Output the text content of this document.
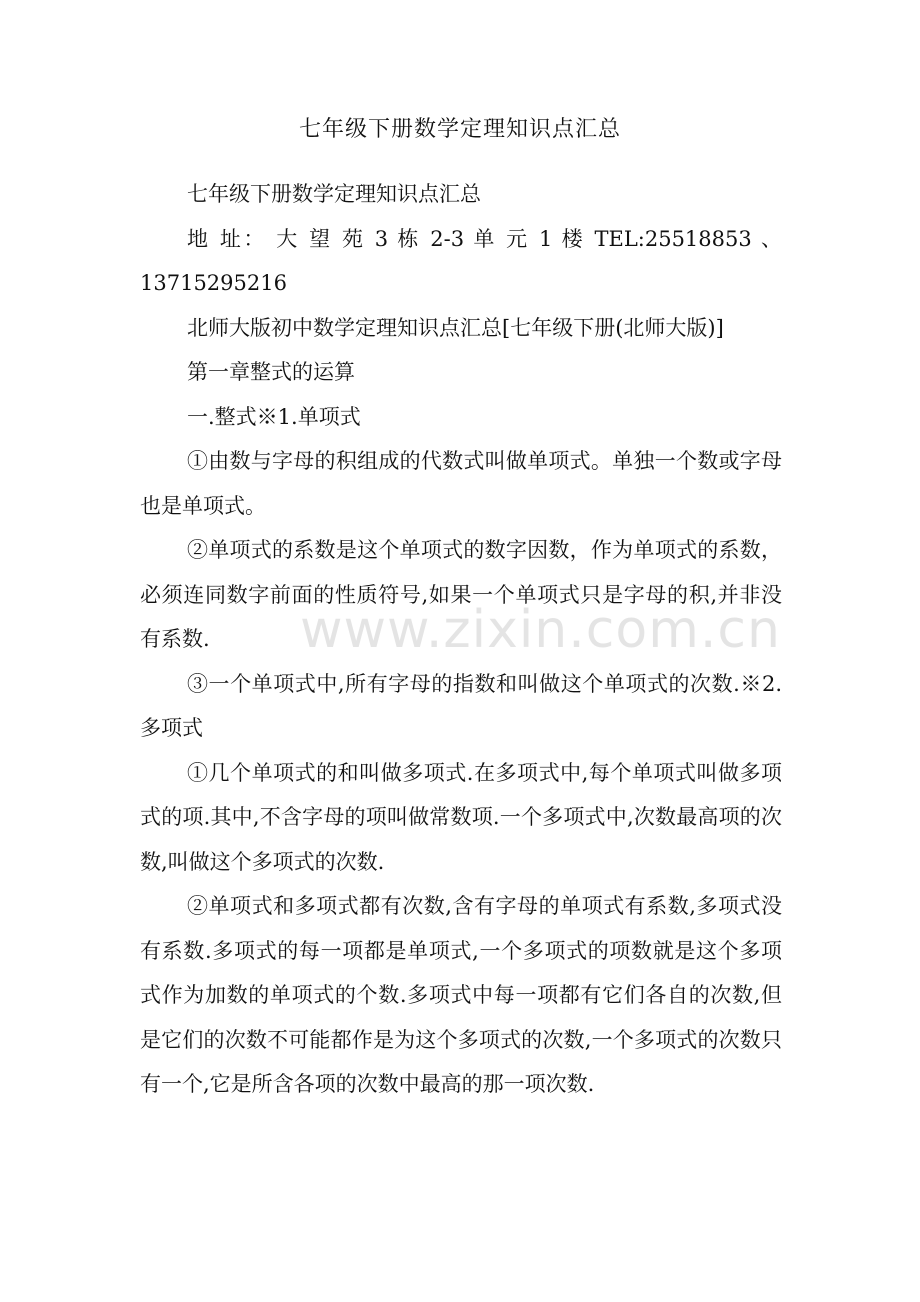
七年级下册数学定理知识点汇总

七年级下册数学定理知识点汇总

地 址： 大 望 苑 3 栋 2-3 单 元 1 楼 TEL:25518853 、13715295216

北师大版初中数学定理知识点汇总[七年级下册(北师大版)]

第一章整式的运算

一.整式※1.单项式

①由数与字母的积组成的代数式叫做单项式。单独一个数或字母也是单项式。

②单项式的系数是这个单项式的数字因数，作为单项式的系数，必须连同数字前面的性质符号,如果一个单项式只是字母的积,并非没有系数.

③一个单项式中,所有字母的指数和叫做这个单项式的次数.※2.多项式

①几个单项式的和叫做多项式.在多项式中,每个单项式叫做多项式的项.其中,不含字母的项叫做常数项.一个多项式中,次数最高项的次数,叫做这个多项式的次数.

②单项式和多项式都有次数,含有字母的单项式有系数,多项式没有系数.多项式的每一项都是单项式,一个多项式的项数就是这个多项式作为加数的单项式的个数.多项式中每一项都有它们各自的次数,但是它们的次数不可能都作是为这个多项式的次数,一个多项式的次数只有一个,它是所含各项的次数中最高的那一项次数.

www.zixin.com.cn
